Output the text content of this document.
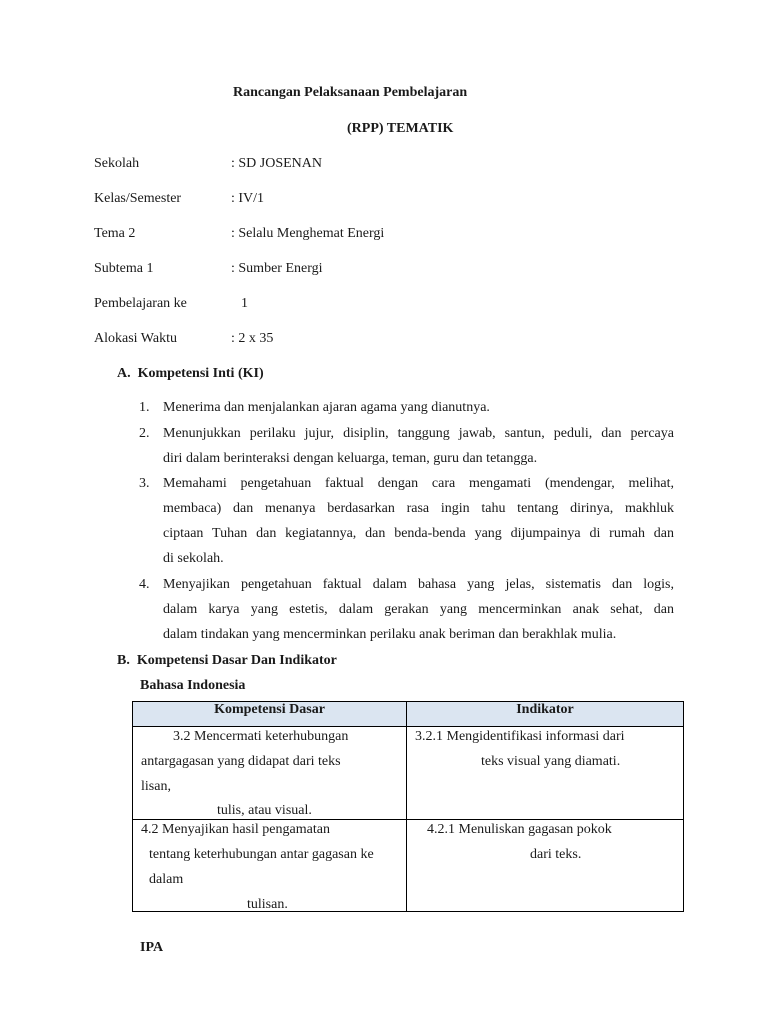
Rancangan Pelaksanaan Pembelajaran
(RPP) TEMATIK
Sekolah	: SD JOSENAN
Kelas/Semester	: IV/1
Tema 2	: Selalu Menghemat Energi
Subtema 1	: Sumber Energi
Pembelajaran ke	1
Alokasi Waktu	: 2 x 35
A.  Kompetensi Inti (KI)
1. Menerima dan menjalankan ajaran agama yang dianutnya.
2. Menunjukkan perilaku jujur, disiplin, tanggung jawab, santun, peduli, dan percaya
diri dalam berinteraksi dengan keluarga, teman, guru dan tetangga.
3. Memahami pengetahuan faktual dengan cara mengamati (mendengar, melihat,
membaca) dan menanya berdasarkan rasa ingin tahu tentang dirinya, makhluk
ciptaan Tuhan dan kegiatannya, dan benda-benda yang dijumpainya di rumah dan
di sekolah.
4. Menyajikan pengetahuan faktual dalam bahasa yang jelas, sistematis dan logis,
dalam karya yang estetis, dalam gerakan yang mencerminkan anak sehat, dan
dalam tindakan yang mencerminkan perilaku anak beriman dan berakhlak mulia.
B.  Kompetensi Dasar Dan Indikator
Bahasa Indonesia
Kompetensi Dasar	Indikator

3.2 Mencermati keterhubungan
antargagasan yang didapat dari teks
lisan,
tulis, atau visual.	3.2.1 Mengidentifikasi informasi dari
teks visual yang diamati.

4.2 Menyajikan hasil pengamatan
tentang keterhubungan antar gagasan ke
dalam
tulisan.	4.2.1 Menuliskan gagasan pokok
dari teks.
IPA
